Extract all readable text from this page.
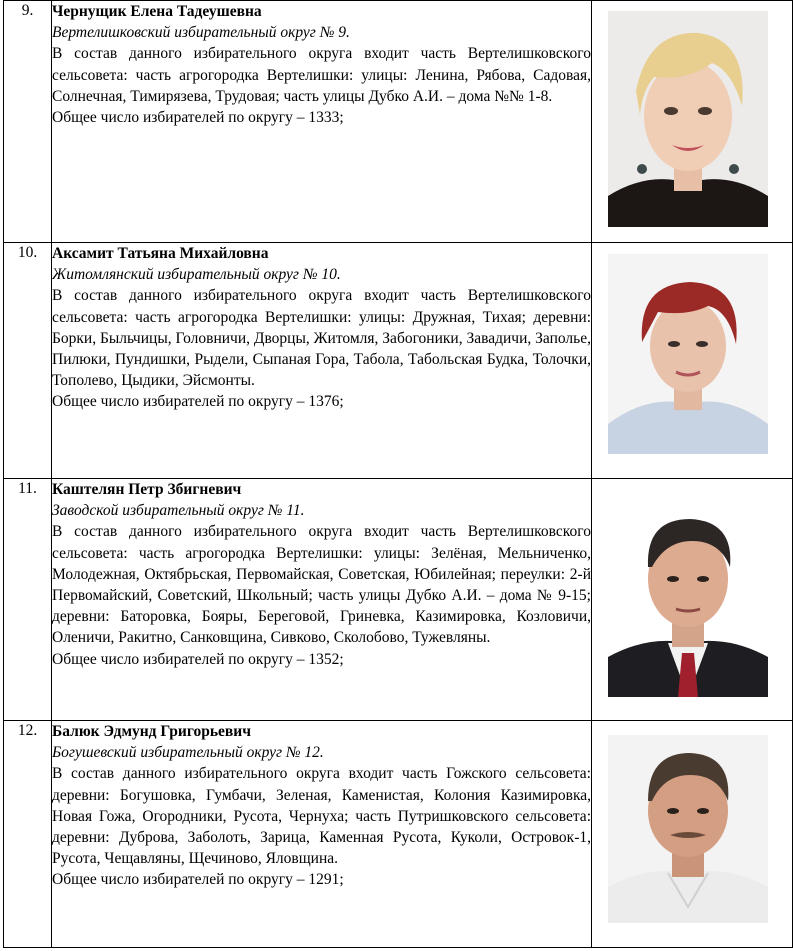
9.	Чернущик Елена Тадеушевна
Вертелишковский избирательный округ № 9.
В состав данного избирательного округа входит часть Вертелишковского сельсовета: часть агрогородка Вертелишки: улицы: Ленина, Рябова, Садовая, Солнечная, Тимирязева, Трудовая; часть улицы Дубко А.И. – дома №№ 1-8.
Общее число избирателей по округу – 1333;

10.	Аксамит Татьяна Михайловна
Житомлянский избирательный округ № 10.
В состав данного избирательного округа входит часть Вертелишковского сельсовета: часть агрогородка Вертелишки: улицы: Дружная, Тихая; деревни: Борки, Быльчицы, Головничи, Дворцы, Житомля, Забогоники, Завадичи, Заполье, Пилюки, Пундишки, Рыдели, Сыпаная Гора, Табола, Табольская Будка, Толочки, Тополево, Цыдики, Эйсмонты.
Общее число избирателей по округу – 1376;

11.	Каштелян Петр Збигневич
Заводской избирательный округ № 11.
В состав данного избирательного округа входит часть Вертелишковского сельсовета: часть агрогородка Вертелишки: улицы: Зелёная, Мельниченко, Молодежная, Октябрьская, Первомайская, Советская, Юбилейная; переулки: 2-й Первомайский, Советский, Школьный; часть улицы Дубко А.И. – дома № 9-15; деревни: Батоpовка, Бояры, Береговой, Гриневка, Казимировка, Козловичи, Оленичи, Ракитно, Санковщина, Сивково, Сколобово, Тужевляны.
Общее число избирателей по округу – 1352;

12.	Балюк Эдмунд Григорьевич
Богушевский избирательный округ № 12.
В состав данного избирательного округа входит часть Гожского сельсовета: деревни: Богушовка, Гумбачи, Зеленая, Каменистая, Колония Казимировка, Новая Гожа, Огородники, Русота, Чернуха; часть Путришковского сельсовета: деревни: Дуброва, Заболоть, Зарица, Каменная Русота, Куколи, Островок-1, Русота, Чещавляны, Щечиново, Яловщина.
Общее число избирателей по округу – 1291;
